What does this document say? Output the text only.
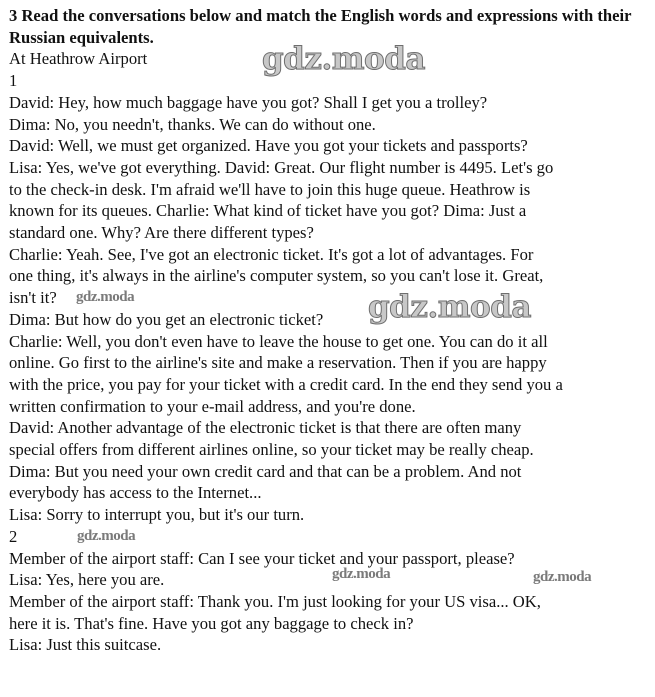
3 Read the conversations below and match the English words and expressions with their Russian equivalents.

At Heathrow Airport

1

David: Hey, how much baggage have you got? Shall I get you a trolley?

Dima: No, you needn't, thanks. We can do without one.

David: Well, we must get organized. Have you got your tickets and passports?

Lisa: Yes, we've got everything. David: Great. Our flight number is 4495. Let's go

to the check-in desk. I'm afraid we'll have to join this huge queue. Heathrow is

known for its queues. Charlie: What kind of ticket have you got? Dima: Just a

standard one. Why? Are there different types?

Charlie: Yeah. See, I've got an electronic ticket. It's got a lot of advantages. For

one thing, it's always in the airline's computer system, so you can't lose it. Great,

isn't it?

Dima: But how do you get an electronic ticket?

Charlie: Well, you don't even have to leave the house to get one. You can do it all

online. Go first to the airline's site and make a reservation. Then if you are happy

with the price, you pay for your ticket with a credit card. In the end they send you a

written confirmation to your e-mail address, and you're done.

David: Another advantage of the electronic ticket is that there are often many

special offers from different airlines online, so your ticket may be really cheap.

Dima: But you need your own credit card and that can be a problem. And not

everybody has access to the Internet...

Lisa: Sorry to interrupt you, but it's our turn.

2

Member of the airport staff: Can I see your ticket and your passport, please?

Lisa: Yes, here you are.

Member of the airport staff: Thank you. I'm just looking for your US visa... OK,

here it is. That's fine. Have you got any baggage to check in?

Lisa: Just this suitcase.

gdz.moda
gdz.moda
gdz.moda
gdz.moda
gdz.moda	gdz.moda
